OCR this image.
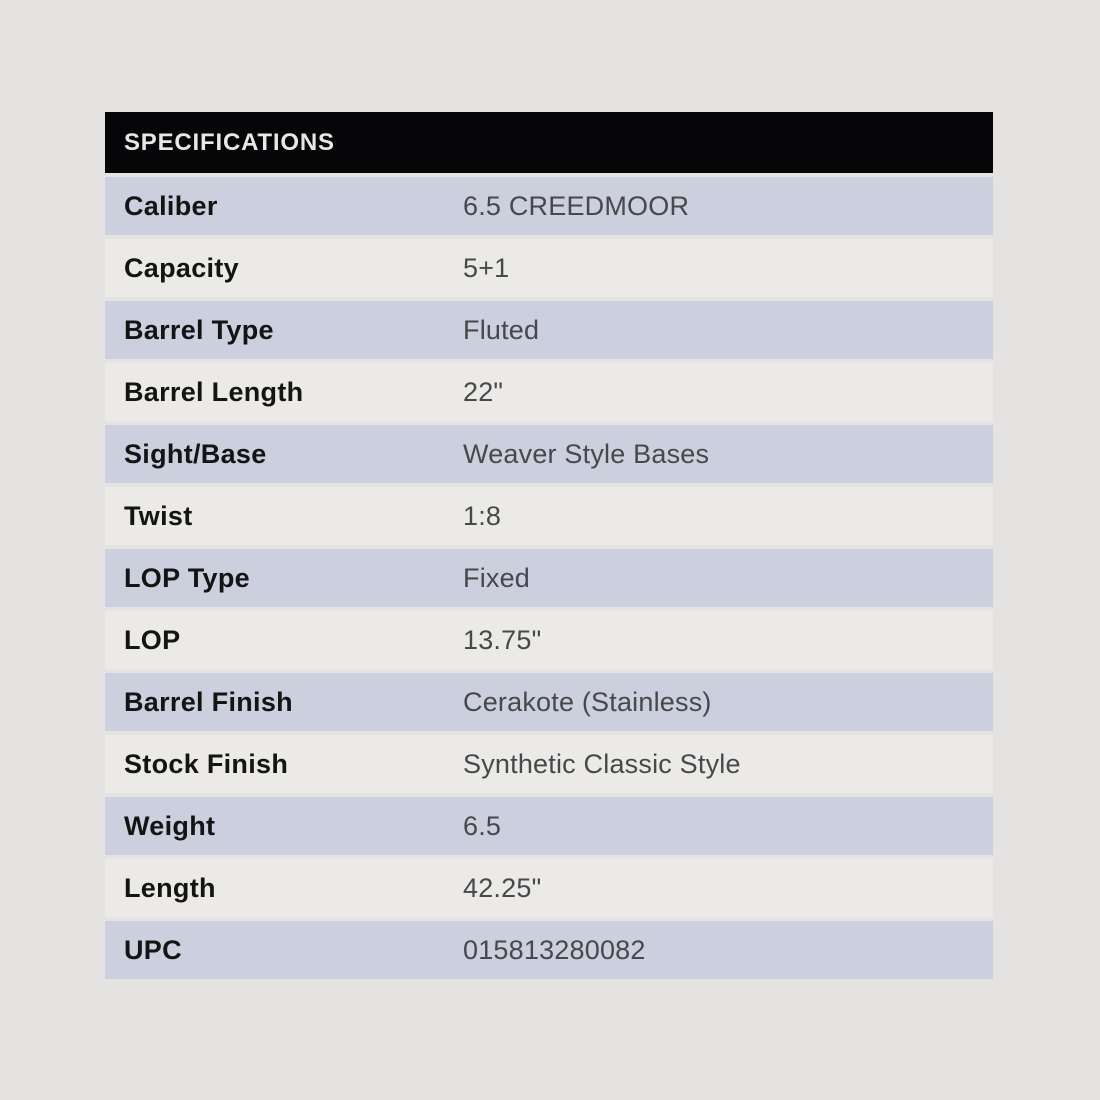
SPECIFICATIONS
Caliber	6.5 CREEDMOOR
Capacity	5+1
Barrel Type	Fluted
Barrel Length	22"
Sight/Base	Weaver Style Bases
Twist	1:8
LOP Type	Fixed
LOP	13.75"
Barrel Finish	Cerakote (Stainless)
Stock Finish	Synthetic Classic Style
Weight	6.5
Length	42.25"
UPC	015813280082
